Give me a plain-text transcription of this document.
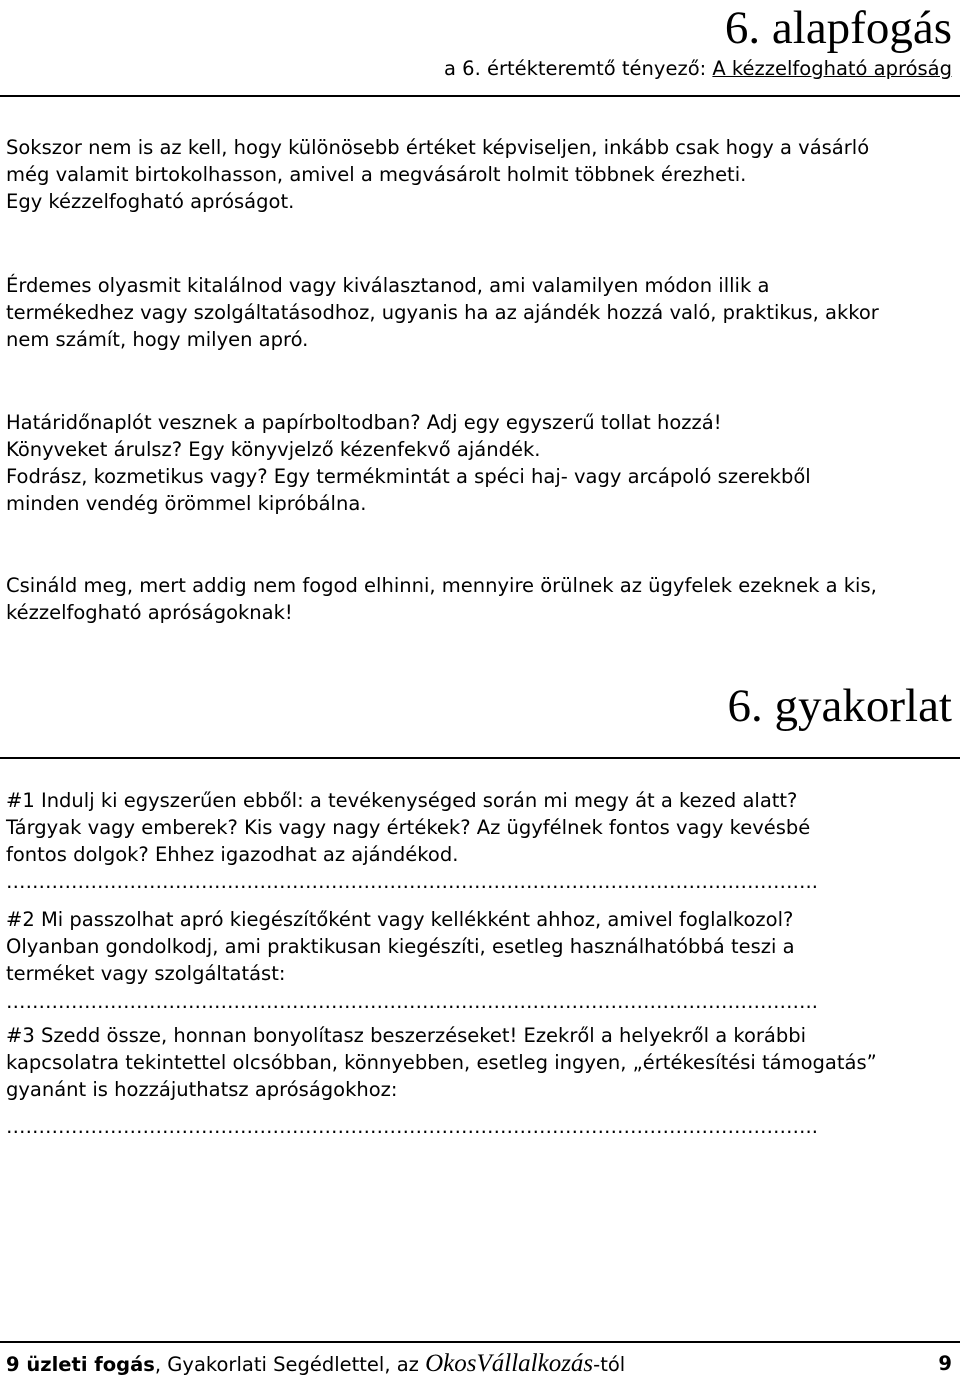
6. alapfogás
a 6. értékteremtő tényező: A kézzelfogható apróság
Sokszor nem is az kell, hogy különösebb értéket képviseljen, inkább csak hogy a vásárló
még valamit birtokolhasson, amivel a megvásárolt holmit többnek érezheti.
Egy kézzelfogható apróságot.
Érdemes olyasmit kitalálnod vagy kiválasztanod, ami valamilyen módon illik a
termékedhez vagy szolgáltatásodhoz, ugyanis ha az ajándék hozzá való, praktikus, akkor
nem számít, hogy milyen apró.
Határidőnaplót vesznek a papírboltodban? Adj egy egyszerű tollat hozzá!
Könyveket árulsz? Egy könyvjelző kézenfekvő ajándék.
Fodrász, kozmetikus vagy? Egy termékmintát a spéci haj- vagy arcápoló szerekből
minden vendég örömmel kipróbálna.
Csináld meg, mert addig nem fogod elhinni, mennyire örülnek az ügyfelek ezeknek a kis,
kézzelfogható apróságoknak!
6. gyakorlat
#1 Indulj ki egyszerűen ebből: a tevékenységed során mi megy át a kezed alatt?
Tárgyak vagy emberek? Kis vagy nagy értékek? Az ügyfélnek fontos vagy kevésbé
fontos dolgok? Ehhez igazodhat az ajándékod.
……………………………………………………………………………………………………………..
#2 Mi passzolhat apró kiegészítőként vagy kellékként ahhoz, amivel foglalkozol?
Olyanban gondolkodj, ami praktikusan kiegészíti, esetleg használhatóbbá teszi a
terméket vagy szolgáltatást:
……………………………………………………………………………………………………………..
#3 Szedd össze, honnan bonyolítasz beszerzéseket! Ezekről a helyekről a korábbi
kapcsolatra tekintettel olcsóbban, könnyebben, esetleg ingyen, „értékesítési támogatás”
gyanánt is hozzájuthatsz apróságokhoz:
……………………………………………………………………………………………………………..
9 üzleti fogás, Gyakorlati Segédlettel, az OkosVállalkozás-tól	9
